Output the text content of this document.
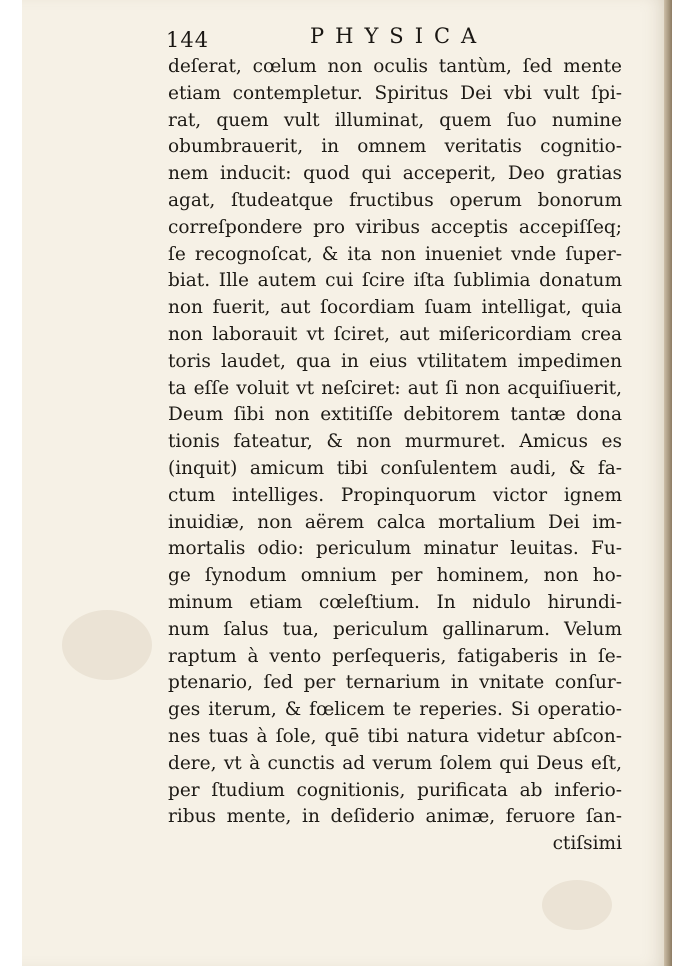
144	PHYSICA
deſerat, cœlum non oculis tantùm, ſed mente
etiam contempletur. Spiritus Dei vbi vult ſpi-
rat, quem vult illuminat, quem ſuo numine
obumbrauerit, in omnem veritatis cognitio-
nem inducit: quod qui acceperit, Deo gratias
agat, ſtudeatque fructibus operum bonorum
correſpondere pro viribus acceptis accepiſſeq;
ſe recognoſcat, & ita non inueniet vnde ſuper-
biat. Ille autem cui ſcire iſta ſublimia donatum
non fuerit, aut ſocordiam ſuam intelligat, quia
non laborauit vt ſciret, aut miſericordiam crea
toris laudet, qua in eius vtilitatem impedimen
ta eſſe voluit vt neſciret: aut ſi non acquiſiuerit,
Deum ſibi non extitiſſe debitorem tantæ dona
tionis fateatur, & non murmuret. Amicus es
(inquit) amicum tibi conſulentem audi, & fa-
ctum intelliges. Propinquorum victor ignem
inuidiæ, non aërem calca mortalium Dei im-
mortalis odio: periculum minatur leuitas. Fu-
ge ſynodum omnium per hominem, non ho-
minum etiam cœleſtium. In nidulo hirundi-
num ſalus tua, periculum gallinarum. Velum
raptum à vento perſequeris, fatigaberis in ſe-
ptenario, ſed per ternarium in vnitate conſur-
ges iterum, & fœlicem te reperies. Si operatio-
nes tuas à ſole, quē tibi natura videtur abſcon-
dere, vt à cunctis ad verum ſolem qui Deus eſt,
per ſtudium cognitionis, purificata ab inferio-
ribus mente, in deſiderio animæ, feruore ſan-
ctiſsimi
